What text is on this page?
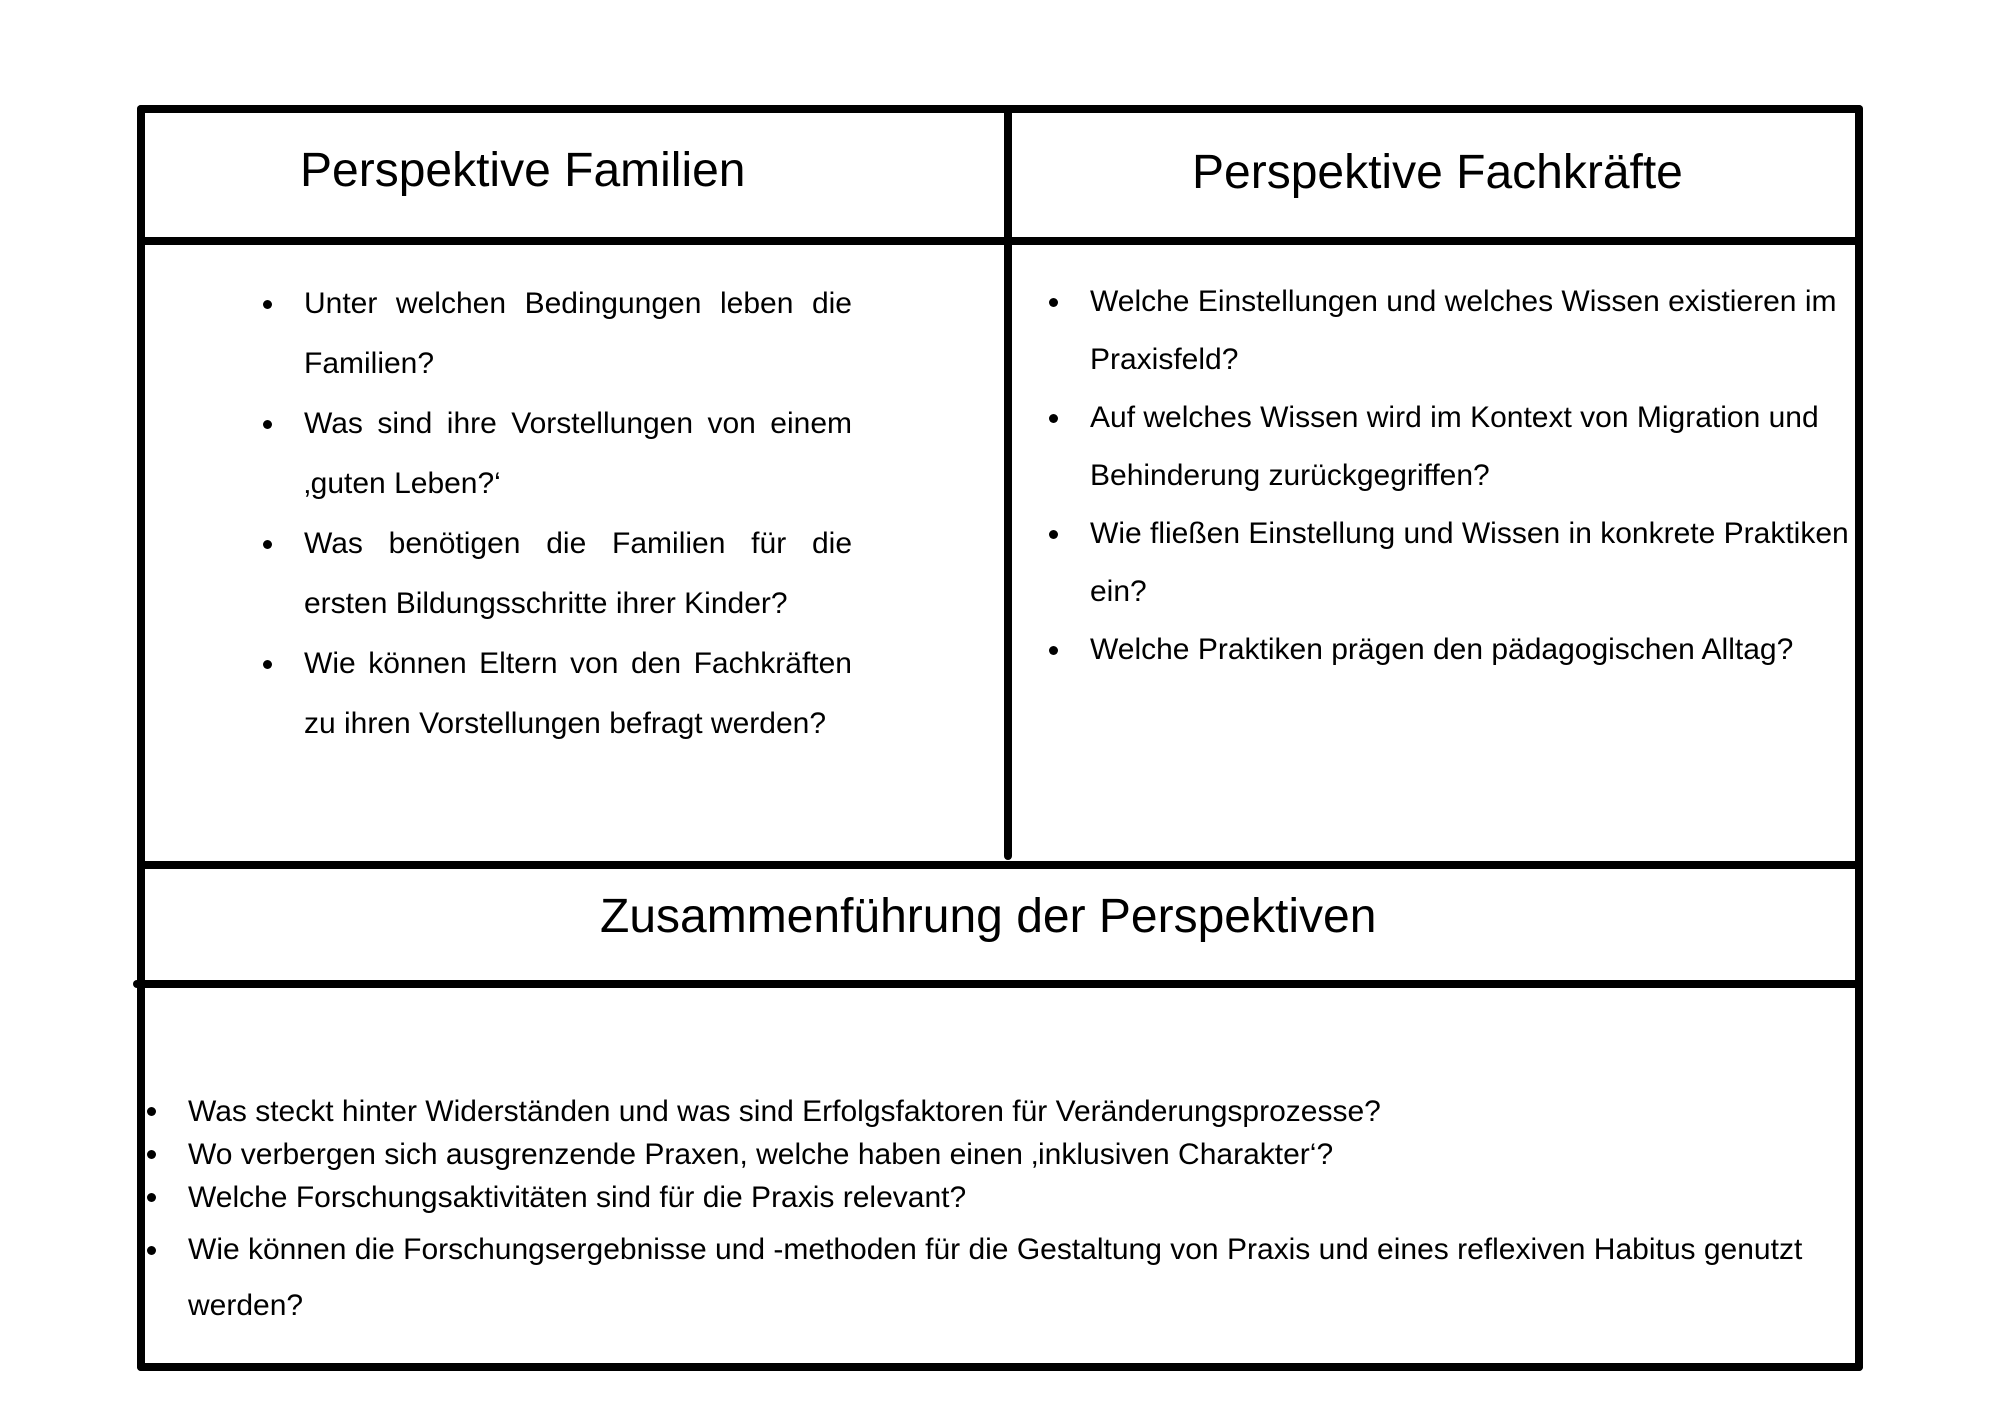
Perspektive Familien
Unter welchen Bedingungen leben die Familien?
Was sind ihre Vorstellungen von einem ‚guten Leben?‘
Was benötigen die Familien für die ersten Bildungsschritte ihrer Kinder?
Wie können Eltern von den Fachkräften zu ihren Vorstellungen befragt werden?
Perspektive Fachkräfte
Welche Einstellungen und welches Wissen existieren im Praxisfeld?
Auf welches Wissen wird im Kontext von Migration und Behinderung zurückgegriffen?
Wie fließen Einstellung und Wissen in konkrete Praktiken ein?
Welche Praktiken prägen den pädagogischen Alltag?
Zusammenführung der Perspektiven
Was steckt hinter Widerständen und was sind Erfolgsfaktoren für Veränderungsprozesse?
Wo verbergen sich ausgrenzende Praxen, welche haben einen ‚inklusiven Charakter‘?
Welche Forschungsaktivitäten sind für die Praxis relevant?
Wie können die Forschungsergebnisse und -methoden für die Gestaltung von Praxis und eines reflexiven Habitus genutzt werden?
